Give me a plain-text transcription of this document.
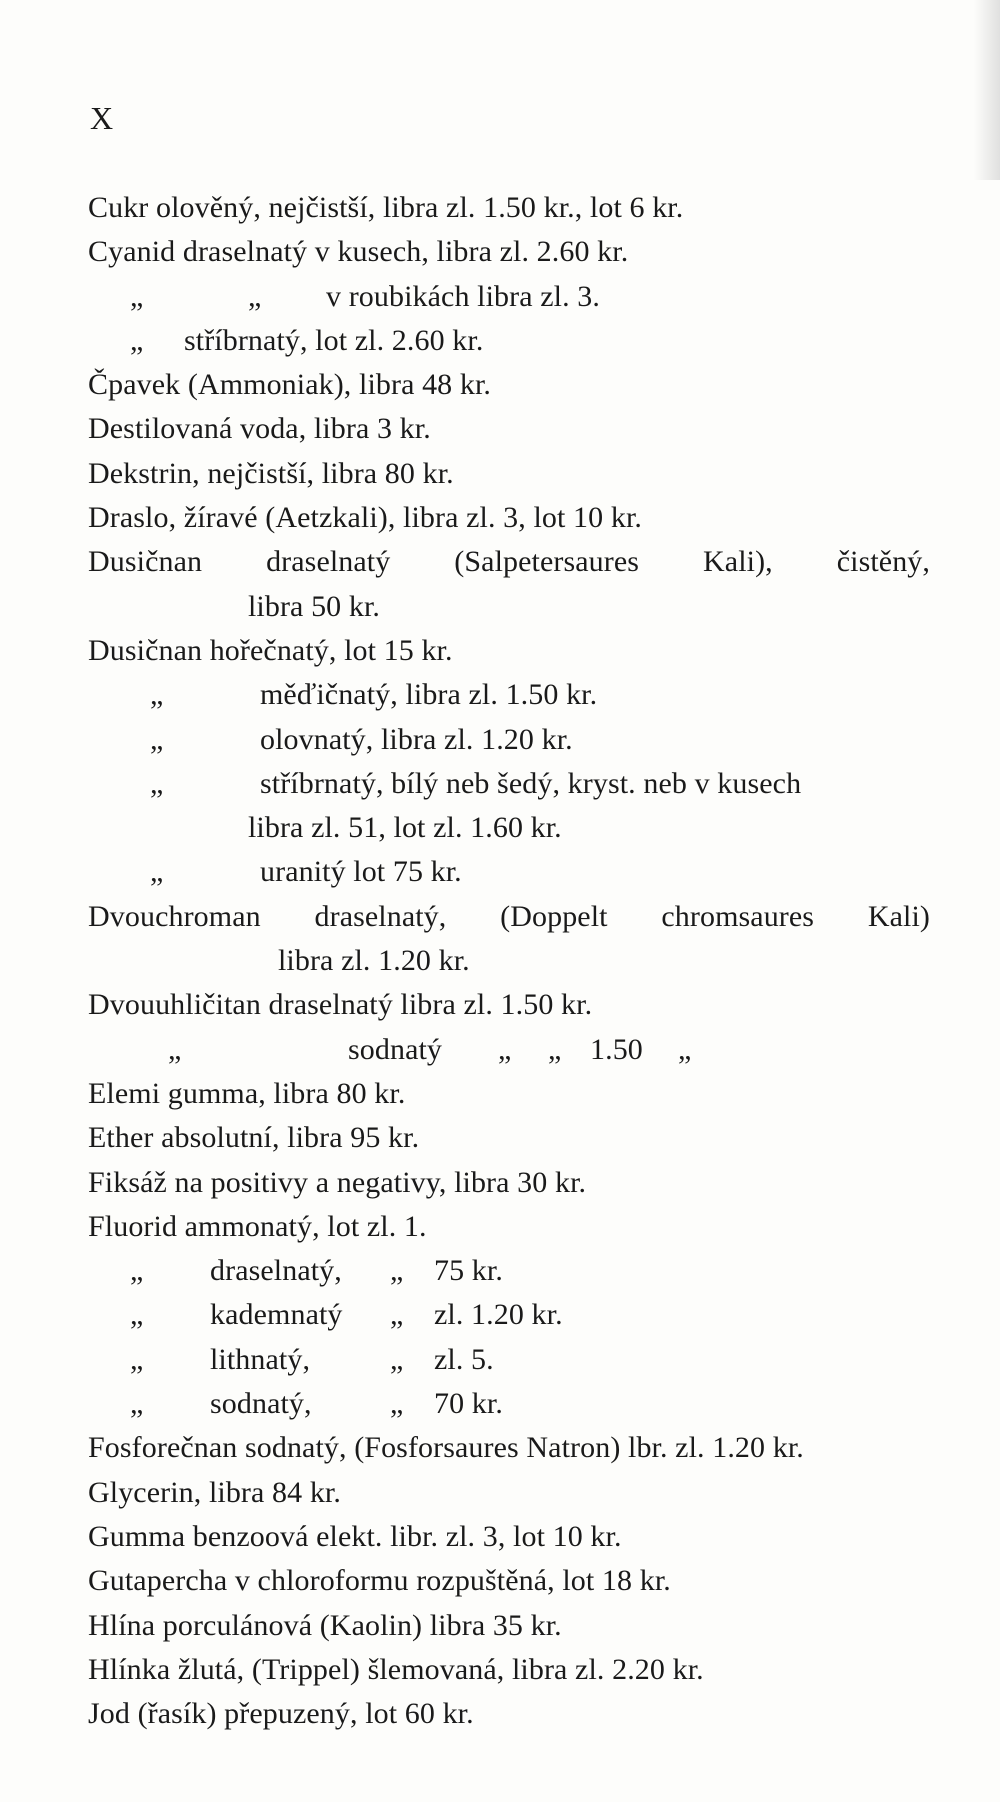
X
Cukr olověný, nejčistší, libra zl. 1.50 kr., lot 6 kr.
Cyanid draselnatý v kusech, libra zl. 2.60 kr.
„	„ v roubikách libra zl. 3.
„ stříbrnatý, lot zl. 2.60 kr.
Čpavek (Ammoniak), libra 48 kr.
Destilovaná voda, libra 3 kr.
Dekstrin, nejčistší, libra 80 kr.
Draslo, žíravé (Aetzkali), libra zl. 3, lot 10 kr.
Dusičnan draselnatý (Salpetersaures Kali), čistěný,
libra 50 kr.
Dusičnan hořečnatý, lot 15 kr.
„	měďičnatý, libra zl. 1.50 kr.
„	olovnatý, libra zl. 1.20 kr.
„	stříbrnatý, bílý neb šedý, kryst. neb v kusech
libra zl. 51, lot zl. 1.60 kr.
„	uranitý lot 75 kr.
Dvouchroman draselnatý, (Doppelt chromsaures Kali)
libra zl. 1.20 kr.
Dvouuhličitan draselnatý libra zl. 1.50 kr.
„	sodnatý „ „ 1.50 „
Elemi gumma, libra 80 kr.
Ether absolutní, libra 95 kr.
Fiksáž na positivy a negativy, libra 30 kr.
Fluorid ammonatý, lot zl. 1.
„ draselnatý, „ 75 kr.
„ kademnatý „ zl. 1.20 kr.
„ lithnatý,	„ zl. 5.
„ sodnatý,	„ 70 kr.
Fosforečnan sodnatý, (Fosforsaures Natron) lbr. zl. 1.20 kr.
Glycerin, libra 84 kr.
Gumma benzoová elekt. libr. zl. 3, lot 10 kr.
Gutapercha v chloroformu rozpuštěná, lot 18 kr.
Hlína porculánová (Kaolin) libra 35 kr.
Hlínka žlutá, (Trippel) šlemovaná, libra zl. 2.20 kr.
Jod (řasík) přepuzený, lot 60 kr.
